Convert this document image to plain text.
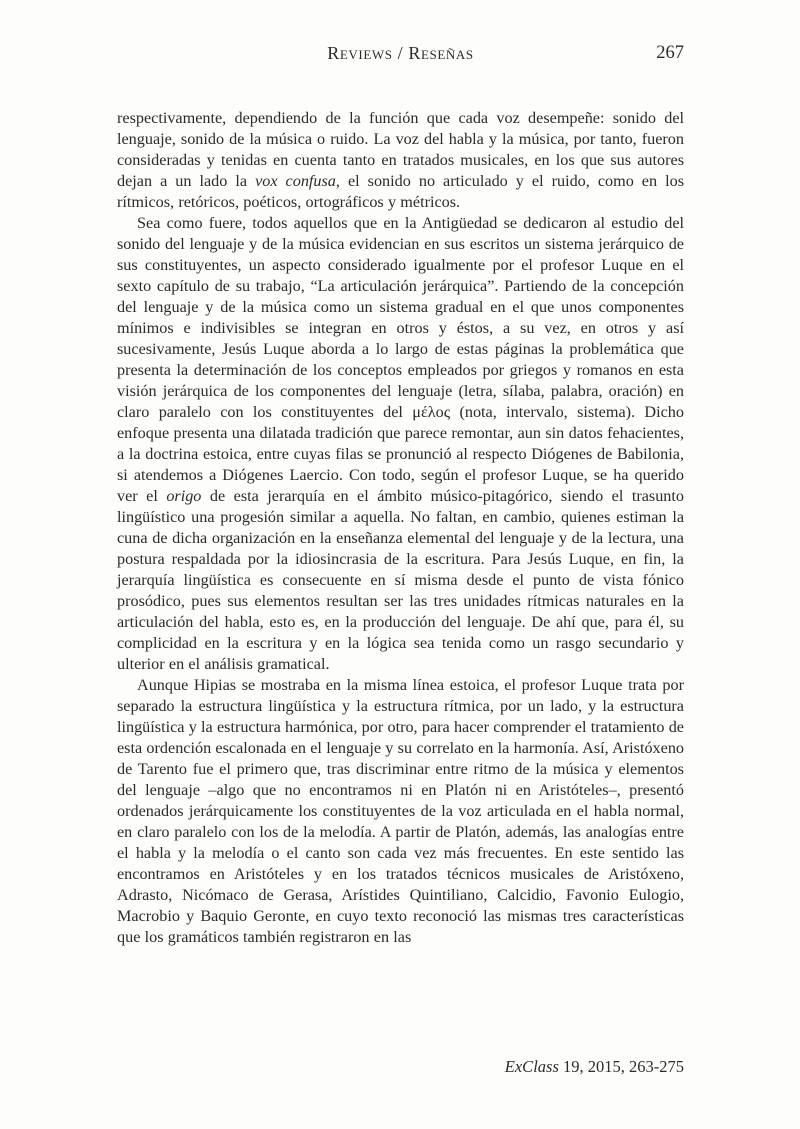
Reviews / Reseñas	267

respectivamente, dependiendo de la función que cada voz desempeñe: sonido del lenguaje, sonido de la música o ruido. La voz del habla y la música, por tanto, fueron consideradas y tenidas en cuenta tanto en tratados musicales, en los que sus autores dejan a un lado la vox confusa, el sonido no articulado y el ruido, como en los rítmicos, retóricos, poéticos, ortográficos y métricos.

Sea como fuere, todos aquellos que en la Antigüedad se dedicaron al estudio del sonido del lenguaje y de la música evidencian en sus escritos un sistema jerárquico de sus constituyentes, un aspecto considerado igualmente por el profesor Luque en el sexto capítulo de su trabajo, “La articulación jerárquica”. Partiendo de la concepción del lenguaje y de la música como un sistema gradual en el que unos componentes mínimos e indivisibles se integran en otros y éstos, a su vez, en otros y así sucesivamente, Jesús Luque aborda a lo largo de estas páginas la problemática que presenta la determinación de los conceptos empleados por griegos y romanos en esta visión jerárquica de los componentes del lenguaje (letra, sílaba, palabra, oración) en claro paralelo con los constituyentes del μέλος (nota, intervalo, sistema). Dicho enfoque presenta una dilatada tradición que parece remontar, aun sin datos fehacientes, a la doctrina estoica, entre cuyas filas se pronunció al respecto Diógenes de Babilonia, si atendemos a Diógenes Laercio. Con todo, según el profesor Luque, se ha querido ver el origo de esta jerarquía en el ámbito músico-pitagórico, siendo el trasunto lingüístico una progesión similar a aquella. No faltan, en cambio, quienes estiman la cuna de dicha organización en la enseñanza elemental del lenguaje y de la lectura, una postura respaldada por la idiosincrasia de la escritura. Para Jesús Luque, en fin, la jerarquía lingüística es consecuente en sí misma desde el punto de vista fónico prosódico, pues sus elementos resultan ser las tres unidades rítmicas naturales en la articulación del habla, esto es, en la producción del lenguaje. De ahí que, para él, su complicidad en la escritura y en la lógica sea tenida como un rasgo secundario y ulterior en el análisis gramatical.

Aunque Hipias se mostraba en la misma línea estoica, el profesor Luque trata por separado la estructura lingüística y la estructura rítmica, por un lado, y la estructura lingüística y la estructura harmónica, por otro, para hacer comprender el tratamiento de esta ordención escalonada en el lenguaje y su correlato en la harmonía. Así, Aristóxeno de Tarento fue el primero que, tras discriminar entre ritmo de la música y elementos del lenguaje –algo que no encontramos ni en Platón ni en Aristóteles–, presentó ordenados jerárquicamente los constituyentes de la voz articulada en el habla normal, en claro paralelo con los de la melodía. A partir de Platón, además, las analogías entre el habla y la melodía o el canto son cada vez más frecuentes. En este sentido las encontramos en Aristóteles y en los tratados técnicos musicales de Aristóxeno, Adrasto, Nicómaco de Gerasa, Arístides Quintiliano, Calcidio, Favonio Eulogio, Macrobio y Baquio Geronte, en cuyo texto reconoció las mismas tres características que los gramáticos también registraron en las

ExClass 19, 2015, 263-275
